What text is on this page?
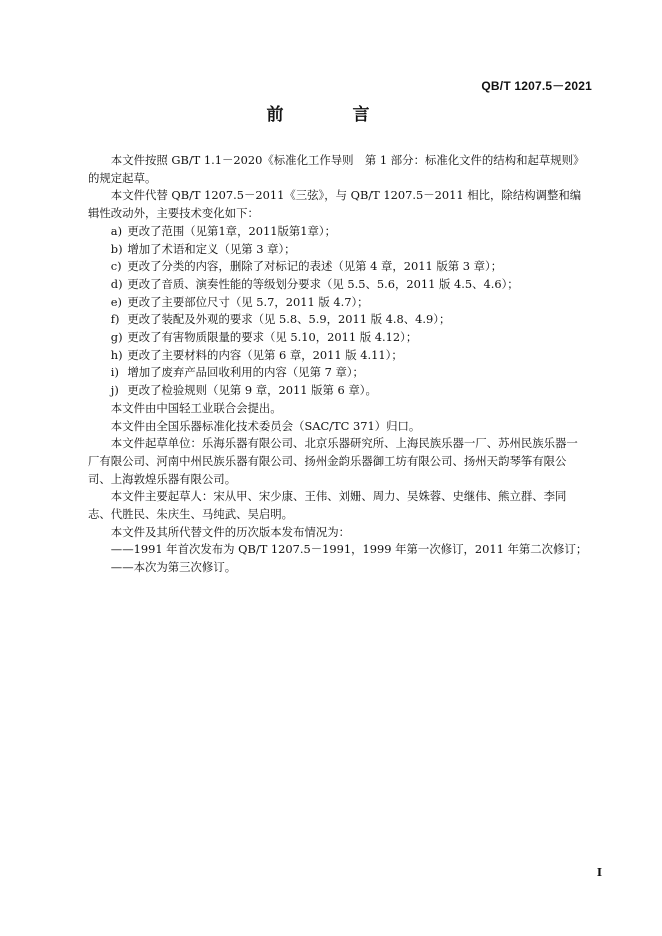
QB/T 1207.5－2021
前　言

本文件按照 GB/T 1.1－2020《标准化工作导则　第 1 部分：标准化文件的结构和起草规则》的规定起草。

本文件代替 QB/T 1207.5－2011《三弦》，与 QB/T 1207.5－2011 相比，除结构调整和编辑性改动外，主要技术变化如下：

a) 更改了范围（见第1章，2011版第1章）；

b) 增加了术语和定义（见第 3 章）；

c) 更改了分类的内容，删除了对标记的表述（见第 4 章，2011 版第 3 章）；

d) 更改了音质、演奏性能的等级划分要求（见 5.5、5.6，2011 版 4.5、4.6）；

e) 更改了主要部位尺寸（见 5.7，2011 版 4.7）；

f) 更改了装配及外观的要求（见 5.8、5.9，2011 版 4.8、4.9）；

g) 更改了有害物质限量的要求（见 5.10，2011 版 4.12）；

h) 更改了主要材料的内容（见第 6 章，2011 版 4.11）；

i) 增加了废弃产品回收利用的内容（见第 7 章）；

j) 更改了检验规则（见第 9 章，2011 版第 6 章）。

本文件由中国轻工业联合会提出。

本文件由全国乐器标准化技术委员会（SAC/TC 371）归口。

本文件起草单位：乐海乐器有限公司、北京乐器研究所、上海民族乐器一厂、苏州民族乐器一厂有限公司、河南中州民族乐器有限公司、扬州金韵乐器御工坊有限公司、扬州天韵琴筝有限公司、上海敦煌乐器有限公司。

本文件主要起草人：宋从甲、宋少康、王伟、刘姗、周力、吴姝蓉、史继伟、熊立群、李同志、代胜民、朱庆生、马纯武、吴启明。

本文件及其所代替文件的历次版本发布情况为：

——1991 年首次发布为 QB/T 1207.5－1991，1999 年第一次修订，2011 年第二次修订；

——本次为第三次修订。

I
